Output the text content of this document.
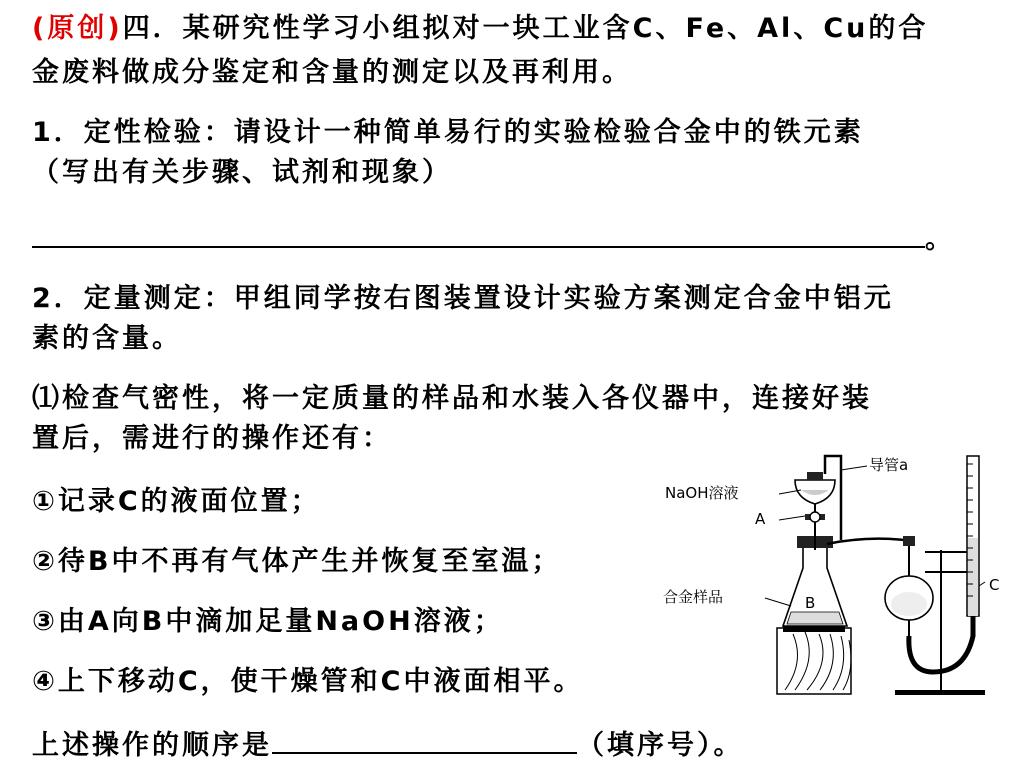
(原创)四．某研究性学习小组拟对一块工业含C、Fe、Al、Cu的合
金废料做成分鉴定和含量的测定以及再利用。
1．定性检验：请设计一种简单易行的实验检验合金中的铁元素
（写出有关步骤、试剂和现象）
。
2．定量测定：甲组同学按右图装置设计实验方案测定合金中铝元
素的含量。
⑴检查气密性，将一定质量的样品和水装入各仪器中，连接好装
置后，需进行的操作还有：
①记录C的液面位置；
②待B中不再有气体产生并恢复至室温；
③由A向B中滴加足量NaOH溶液；
④上下移动C，使干燥管和C中液面相平。
上述操作的顺序是	（填序号）。
NaOH溶液
A
导管a
合金样品	B
C
